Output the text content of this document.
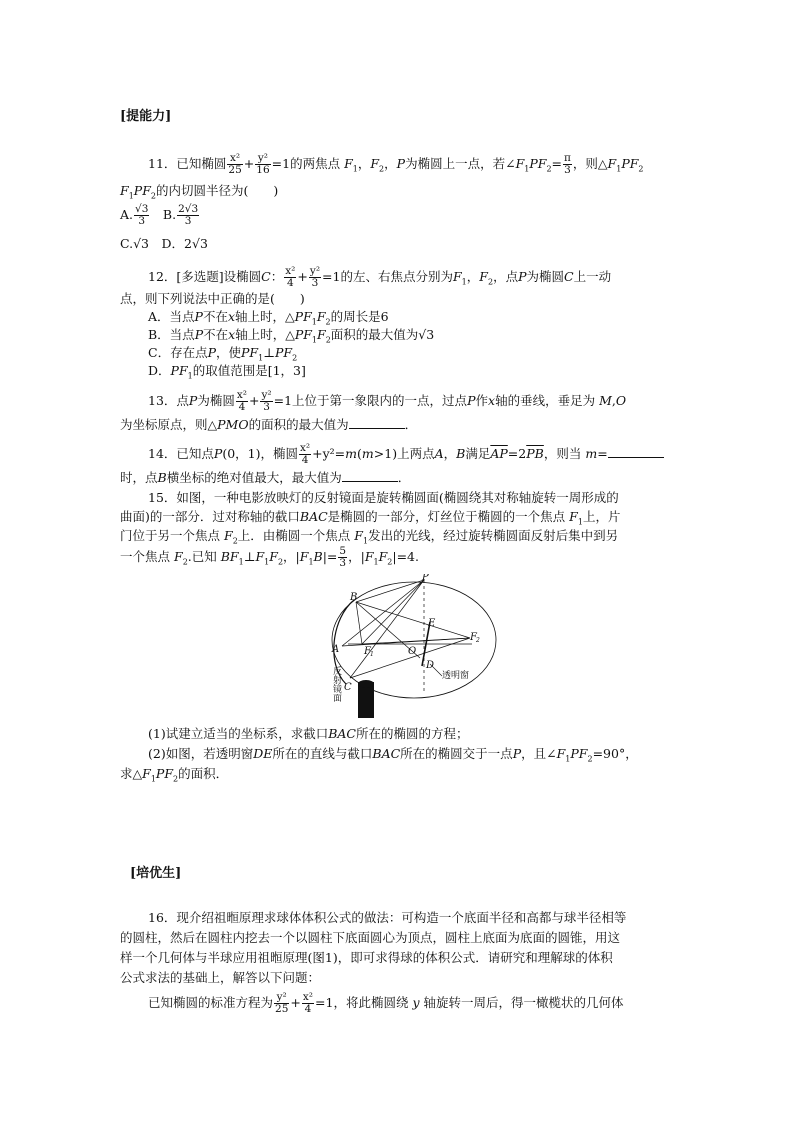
[提能力]
11．已知椭圆 $\frac{\text{x²}}{25} + \frac{\text{y²}}{16} =1$的两焦点 $F_1$，$F_2$，P为椭圆上一点，若$\angle F_1PF_2= \frac{\pi}{3}$ ，则$\triangle F_1PF_2$
$F_1PF_2$的内切圆半径为(　　)
A. $\frac{√3}{3}$
　 B. $\frac{2√3}{3}$
C.√3　D．2√3
12．[多选题]设椭圆C： $\frac{\text{x²}}{4} + \frac{\text{y²}}{3} =1$的左、右焦点分别为$F_1$，$F_2$，点P为椭圆C上一动
点，则下列说法中正确的是(　　)
A．当点P不在x轴上时，$\triangle PF_1F_2$的周长是6
B．当点P不在x轴上时，$\triangle PF_1F_2$面积的最大值为√3
C．存在点P，使$PF_1\perp PF_2$
D．$PF_1$的取值范围是[1，3]
13．点P为椭圆 $\frac{\text{x²}}{4} + \frac{\text{y²}}{3} =1$上位于第一象限内的一点，过点P作x轴的垂线，垂足为 M,O
为坐标原点，则△PMO的面积的最大值为	．
14．已知点P(0，1)，椭圆 $\frac{\text{x²}}{4} +y^2=m(m>1)$上两点A，B满足$\overline{AP}=2\overline{PB}$，则当 m=
时，点B横坐标的绝对值最大，最大值为	．
15．如图，一种电影放映灯的反射镜面是旋转椭圆面(椭圆绕其对称轴旋转一周形成的
曲面)的一部分．过对称轴的截口BAC是椭圆的一部分，灯丝位于椭圆的一个焦点 $F_1$上，片
门位于另一个焦点 $F_2$上．由椭圆一个焦点 $F_1$发出的光线，经过旋转椭圆面反射后集中到另
一个焦点 $F_2$.已知 $BF_1\perp F_1F_2$，$|F_1B|= \frac{5}{3}$ ，$|F_1F_2|=4$.
B
A
C
P
E
F 1
F 2
O
D
透明窗
反射镜面
(1)试建立适当的坐标系，求截口BAC所在的椭圆的方程；
(2)如图，若透明窗DE所在的直线与截口BAC所在的椭圆交于一点P，且$\angle F_1PF_2=90^\circ$，
求$\triangle F_1PF_2$的面积．
[培优生]
16．现介绍祖暅原理求球体体积公式的做法：可构造一个底面半径和高都与球半径相等
的圆柱，然后在圆柱内挖去一个以圆柱下底面圆心为顶点，圆柱上底面为底面的圆锥，用这
样一个几何体与半球应用祖暅原理(图1)，即可求得球的体积公式．请研究和理解球的体积
公式求法的基础上，解答以下问题：
已知椭圆的标准方程为 $\frac{\text{y²}}{25} + \frac{\text{x²}}{4} =1$，将此椭圆绕 y 轴旋转一周后，得一橄榄状的几何体
